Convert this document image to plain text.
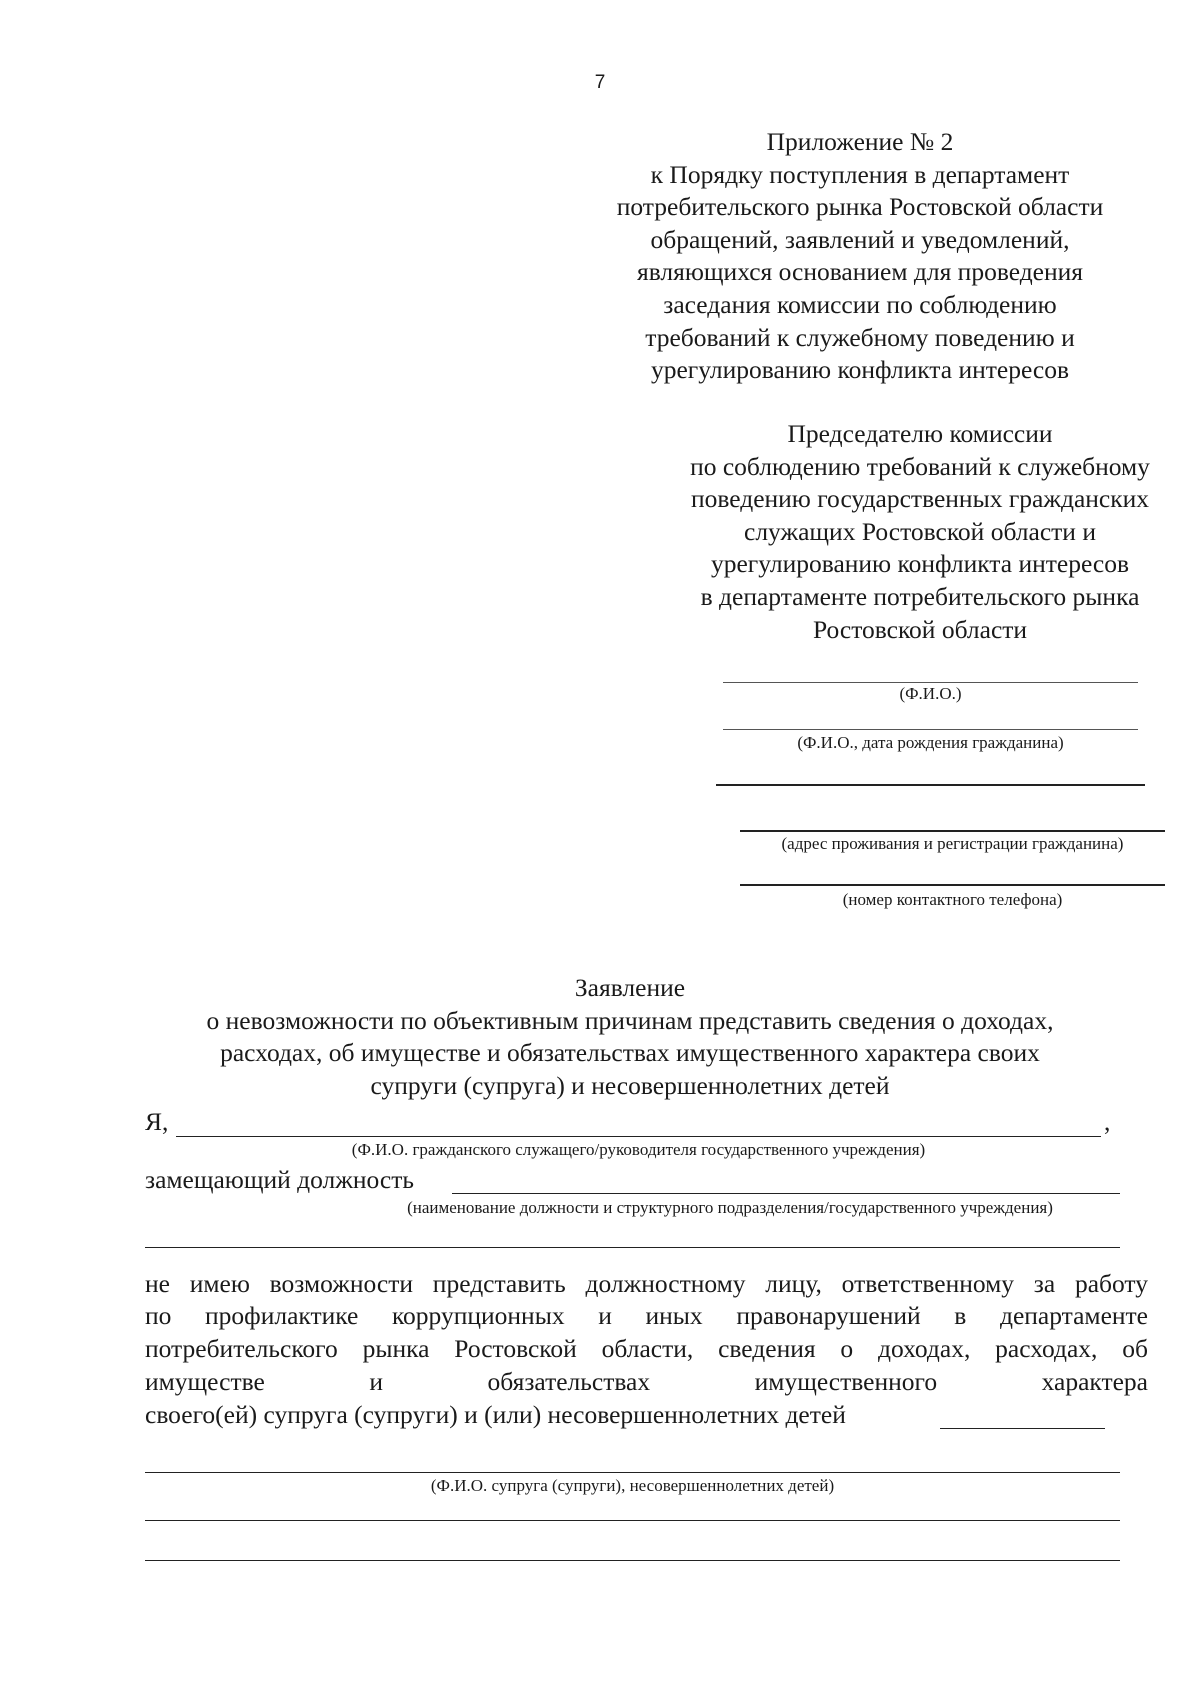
7
Приложение № 2
к Порядку поступления в департамент
потребительского рынка Ростовской области
обращений, заявлений и уведомлений,
являющихся основанием для проведения
заседания комиссии по соблюдению
требований к служебному поведению и
урегулированию конфликта интересов
Председателю комиссии
по соблюдению требований к служебному
поведению государственных гражданских
служащих Ростовской области и
урегулированию конфликта интересов
в департаменте потребительского рынка
Ростовской области
(Ф.И.О.)
(Ф.И.О., дата рождения гражданина)
(адрес проживания и регистрации гражданина)
(номер контактного телефона)
Заявление
о невозможности по объективным причинам представить сведения о доходах,
расходах, об имуществе и обязательствах имущественного характера своих
супруги (супруга) и несовершеннолетних детей
Я,	,
(Ф.И.О. гражданского служащего/руководителя государственного учреждения)
замещающий должность
(наименование должности и структурного подразделения/государственного учреждения)
не имею возможности представить должностному лицу, ответственному за работу
по профилактике коррупционных и иных правонарушений в департаменте
потребительского рынка Ростовской области, сведения о доходах, расходах, об
имуществе и обязательствах имущественного характера
своего(ей) супруга (супруги) и (или) несовершеннолетних детей
(Ф.И.О. супруга (супруги), несовершеннолетних детей)
